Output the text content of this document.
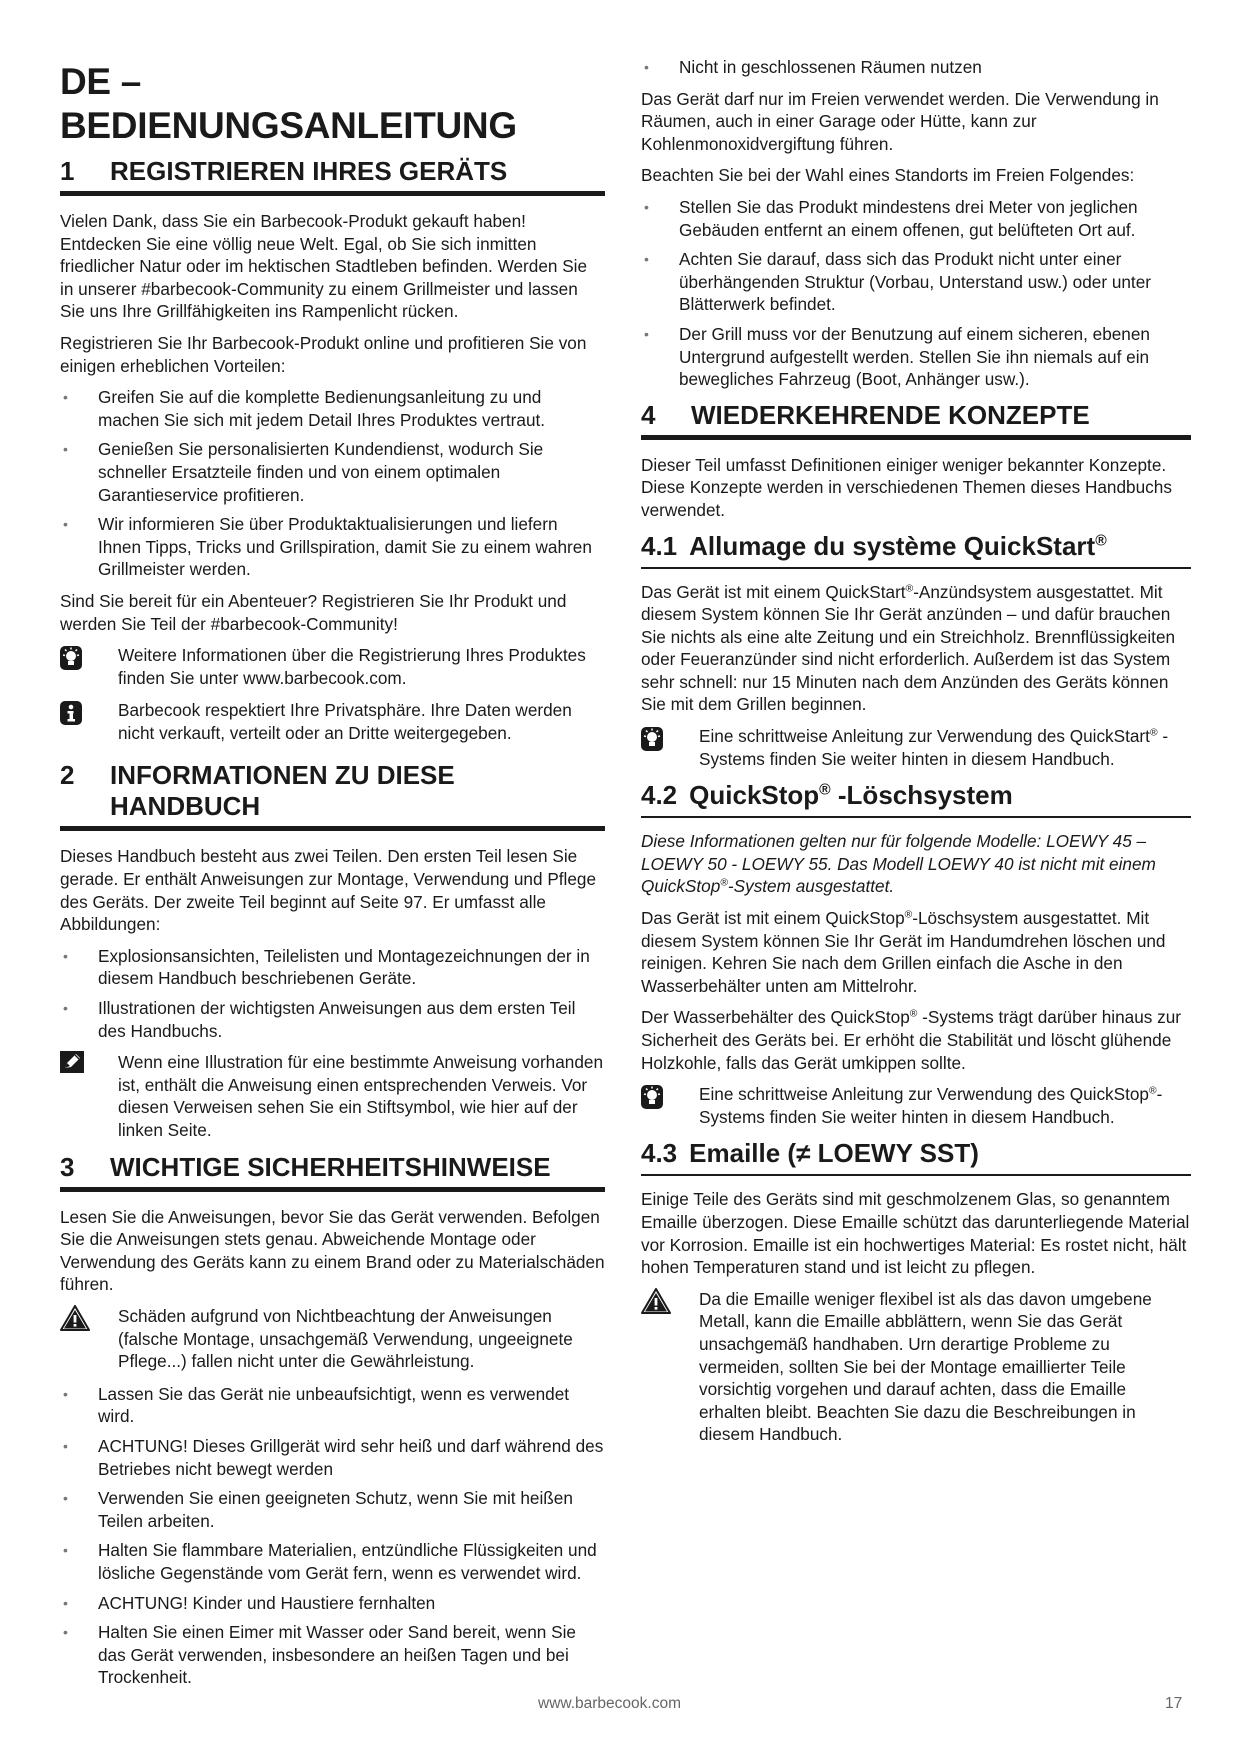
DE – BEDIENUNGSANLEITUNG
1	REGISTRIEREN IHRES GERÄTS

Vielen Dank, dass Sie ein Barbecook-Produkt gekauft haben! Entdecken Sie eine völlig neue Welt. Egal, ob Sie sich inmitten friedlicher Natur oder im hektischen Stadtleben befinden. Werden Sie in unserer #barbecook-Community zu einem Grillmeister und lassen Sie uns Ihre Grillfähigkeiten ins Rampenlicht rücken.

Registrieren Sie Ihr Barbecook-Produkt online und profitieren Sie von einigen erheblichen Vorteilen:

• Greifen Sie auf die komplette Bedienungsanleitung zu und machen Sie sich mit jedem Detail Ihres Produktes vertraut.
• Genießen Sie personalisierten Kundendienst, wodurch Sie schneller Ersatzteile finden und von einem optimalen Garantieservice profitieren.
• Wir informieren Sie über Produktaktualisierungen und liefern Ihnen Tipps, Tricks und Grillspiration, damit Sie zu einem wahren Grillmeister werden.

Sind Sie bereit für ein Abenteuer? Registrieren Sie Ihr Produkt und werden Sie Teil der #barbecook-Community!

Weitere Informationen über die Registrierung Ihres Produktes finden Sie unter www.barbecook.com.

Barbecook respektiert Ihre Privatsphäre. Ihre Daten werden nicht verkauft, verteilt oder an Dritte weitergegeben.

2	INFORMATIONEN ZU DIESE
HANDBUCH

Dieses Handbuch besteht aus zwei Teilen. Den ersten Teil lesen Sie gerade. Er enthält Anweisungen zur Montage, Verwendung und Pflege des Geräts. Der zweite Teil beginnt auf Seite 97. Er umfasst alle Abbildungen:

• Explosionsansichten, Teilelisten und Montagezeichnungen der in diesem Handbuch beschriebenen Geräte.
• Illustrationen der wichtigsten Anweisungen aus dem ersten Teil des Handbuchs.

Wenn eine Illustration für eine bestimmte Anweisung vorhanden ist, enthält die Anweisung einen entsprechenden Verweis. Vor diesen Verweisen sehen Sie ein Stiftsymbol, wie hier auf der linken Seite.

3	WICHTIGE SICHERHEITSHINWEISE

Lesen Sie die Anweisungen, bevor Sie das Gerät verwenden. Befolgen Sie die Anweisungen stets genau. Abweichende Montage oder Verwendung des Geräts kann zu einem Brand oder zu Materialschäden führen.

Schäden aufgrund von Nichtbeachtung der Anweisungen (falsche Montage, unsachgemäß Verwendung, ungeeignete Pflege...) fallen nicht unter die Gewährleistung.

• Lassen Sie das Gerät nie unbeaufsichtigt, wenn es verwendet wird.
• ACHTUNG! Dieses Grillgerät wird sehr heiß und darf während des Betriebes nicht bewegt werden
• Verwenden Sie einen geeigneten Schutz, wenn Sie mit heißen Teilen arbeiten.
• Halten Sie flammbare Materialien, entzündliche Flüssigkeiten und lösliche Gegenstände vom Gerät fern, wenn es verwendet wird.
• ACHTUNG! Kinder und Haustiere fernhalten
• Halten Sie einen Eimer mit Wasser oder Sand bereit, wenn Sie das Gerät verwenden, insbesondere an heißen Tagen und bei Trockenheit.
• Nicht in geschlossenen Räumen nutzen

Das Gerät darf nur im Freien verwendet werden. Die Verwendung in Räumen, auch in einer Garage oder Hütte, kann zur Kohlenmonoxidvergiftung führen.

Beachten Sie bei der Wahl eines Standorts im Freien Folgendes:

• Stellen Sie das Produkt mindestens drei Meter von jeglichen Gebäuden entfernt an einem offenen, gut belüfteten Ort auf.
• Achten Sie darauf, dass sich das Produkt nicht unter einer überhängenden Struktur (Vorbau, Unterstand usw.) oder unter Blätterwerk befindet.
• Der Grill muss vor der Benutzung auf einem sicheren, ebenen Untergrund aufgestellt werden. Stellen Sie ihn niemals auf ein bewegliches Fahrzeug (Boot, Anhänger usw.).
4	WIEDERKEHRENDE KONZEPTE

Dieser Teil umfasst Definitionen einiger weniger bekannter Konzepte. Diese Konzepte werden in verschiedenen Themen dieses Handbuchs verwendet.

4.1 Allumage du système QuickStart®

Das Gerät ist mit einem QuickStart®-Anzündsystem ausgestattet. Mit diesem System können Sie Ihr Gerät anzünden – und dafür brauchen Sie nichts als eine alte Zeitung und ein Streichholz. Brennflüssigkeiten oder Feueranzünder sind nicht erforderlich. Außerdem ist das System sehr schnell: nur 15 Minuten nach dem Anzünden des Geräts können Sie mit dem Grillen beginnen.

Eine schrittweise Anleitung zur Verwendung des QuickStart® -Systems finden Sie weiter hinten in diesem Handbuch.

4.2 QuickStop® -Löschsystem

Diese Informationen gelten nur für folgende Modelle: LOEWY 45 – LOEWY 50 - LOEWY 55. Das Modell LOEWY 40 ist nicht mit einem QuickStop®-System ausgestattet.

Das Gerät ist mit einem QuickStop®-Löschsystem ausgestattet. Mit diesem System können Sie Ihr Gerät im Handumdrehen löschen und reinigen. Kehren Sie nach dem Grillen einfach die Asche in den Wasserbehälter unten am Mittelrohr.

Der Wasserbehälter des QuickStop® -Systems trägt darüber hinaus zur Sicherheit des Geräts bei. Er erhöht die Stabilität und löscht glühende Holzkohle, falls das Gerät umkippen sollte.

Eine schrittweise Anleitung zur Verwendung des QuickStop®-Systems finden Sie weiter hinten in diesem Handbuch.

4.3 Emaille (≠ LOEWY SST)

Einige Teile des Geräts sind mit geschmolzenem Glas, so genanntem Emaille überzogen. Diese Emaille schützt das darunterliegende Material vor Korrosion. Emaille ist ein hochwertiges Material: Es rostet nicht, hält hohen Temperaturen stand und ist leicht zu pflegen.

Da die Emaille weniger flexibel ist als das davon umgebene Metall, kann die Emaille abblättern, wenn Sie das Gerät unsachgemäß handhaben. Urn derartige Probleme zu vermeiden, sollten Sie bei der Montage emaillierter Teile vorsichtig vorgehen und darauf achten, dass die Emaille erhalten bleibt. Beachten Sie dazu die Beschreibungen in diesem Handbuch.

www.barbecook.com	17
